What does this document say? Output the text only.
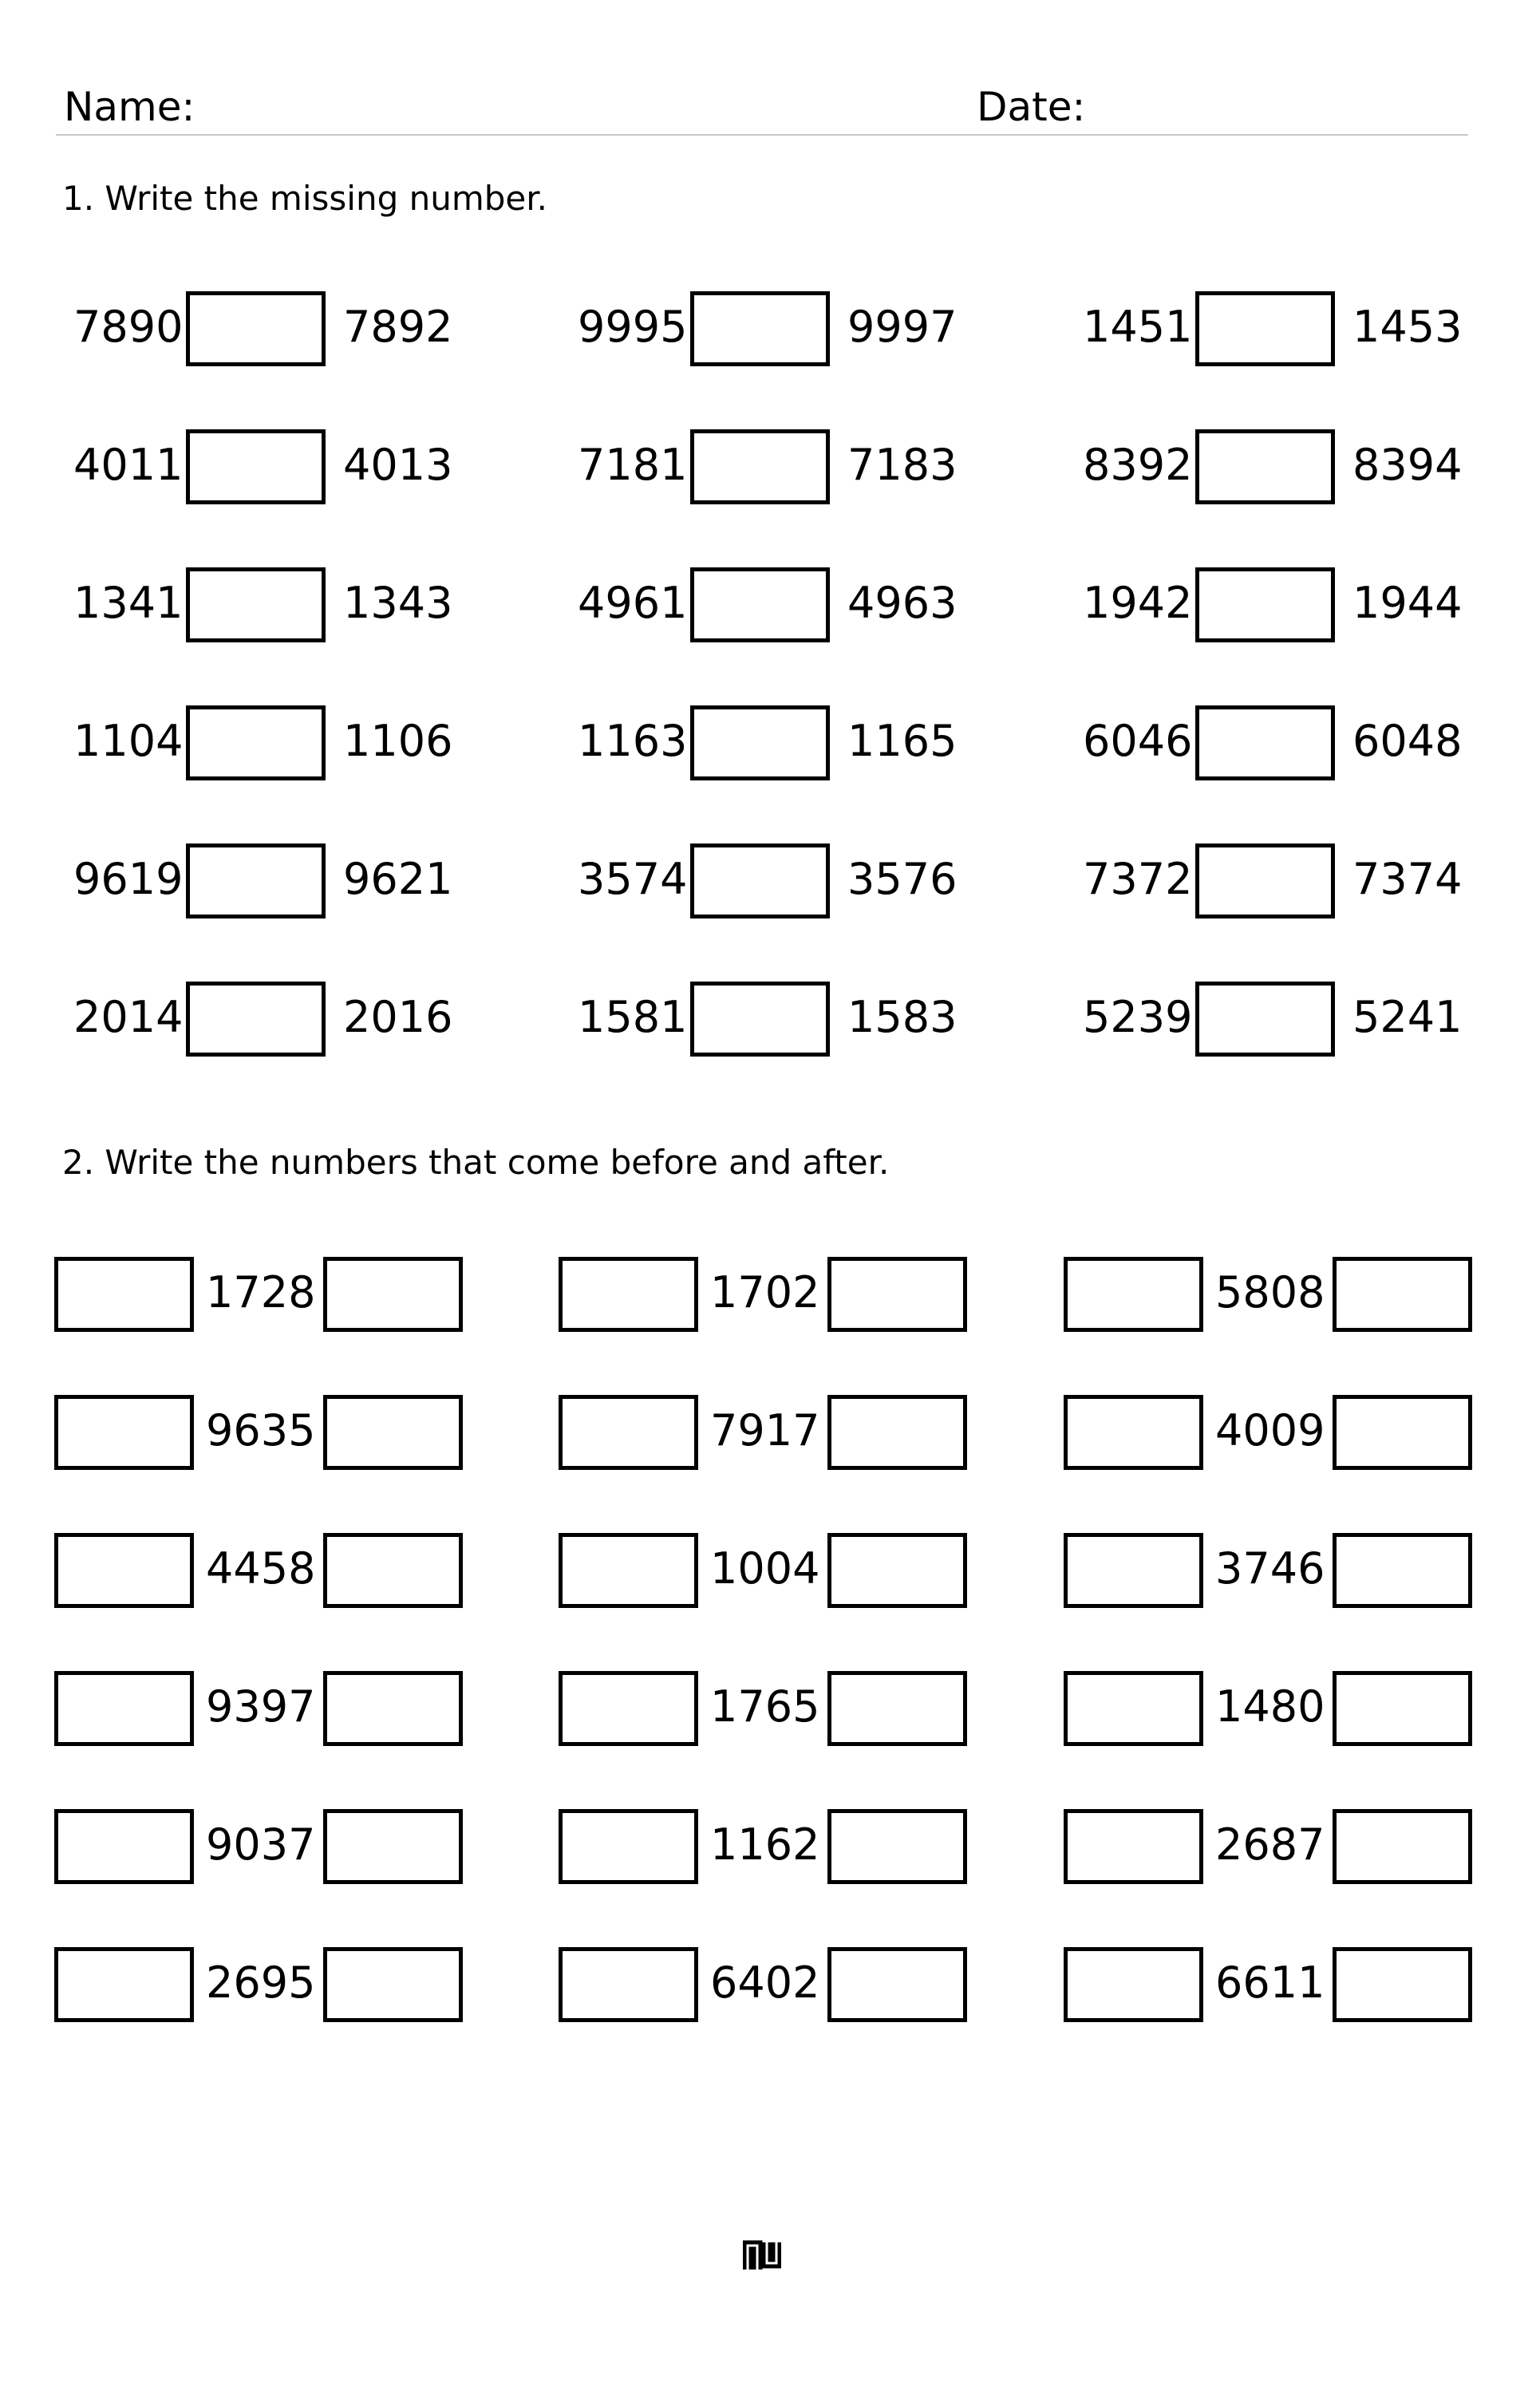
Name:	Date:
1. Write the missing number.
7890	7892	9995	9997	1451	1453
4011	4013	7181	7183	8392	8394
1341	1343	4961	4963	1942	1944
1104	1106	1163	1165	6046	6048
9619	9621	3574	3576	7372	7374
2014	2016	1581	1583	5239	5241
2. Write the numbers that come before and after.
1728	1702	5808
9635	7917	4009
4458	1004	3746
9397	1765	1480
9037	1162	2687
2695	6402	6611
